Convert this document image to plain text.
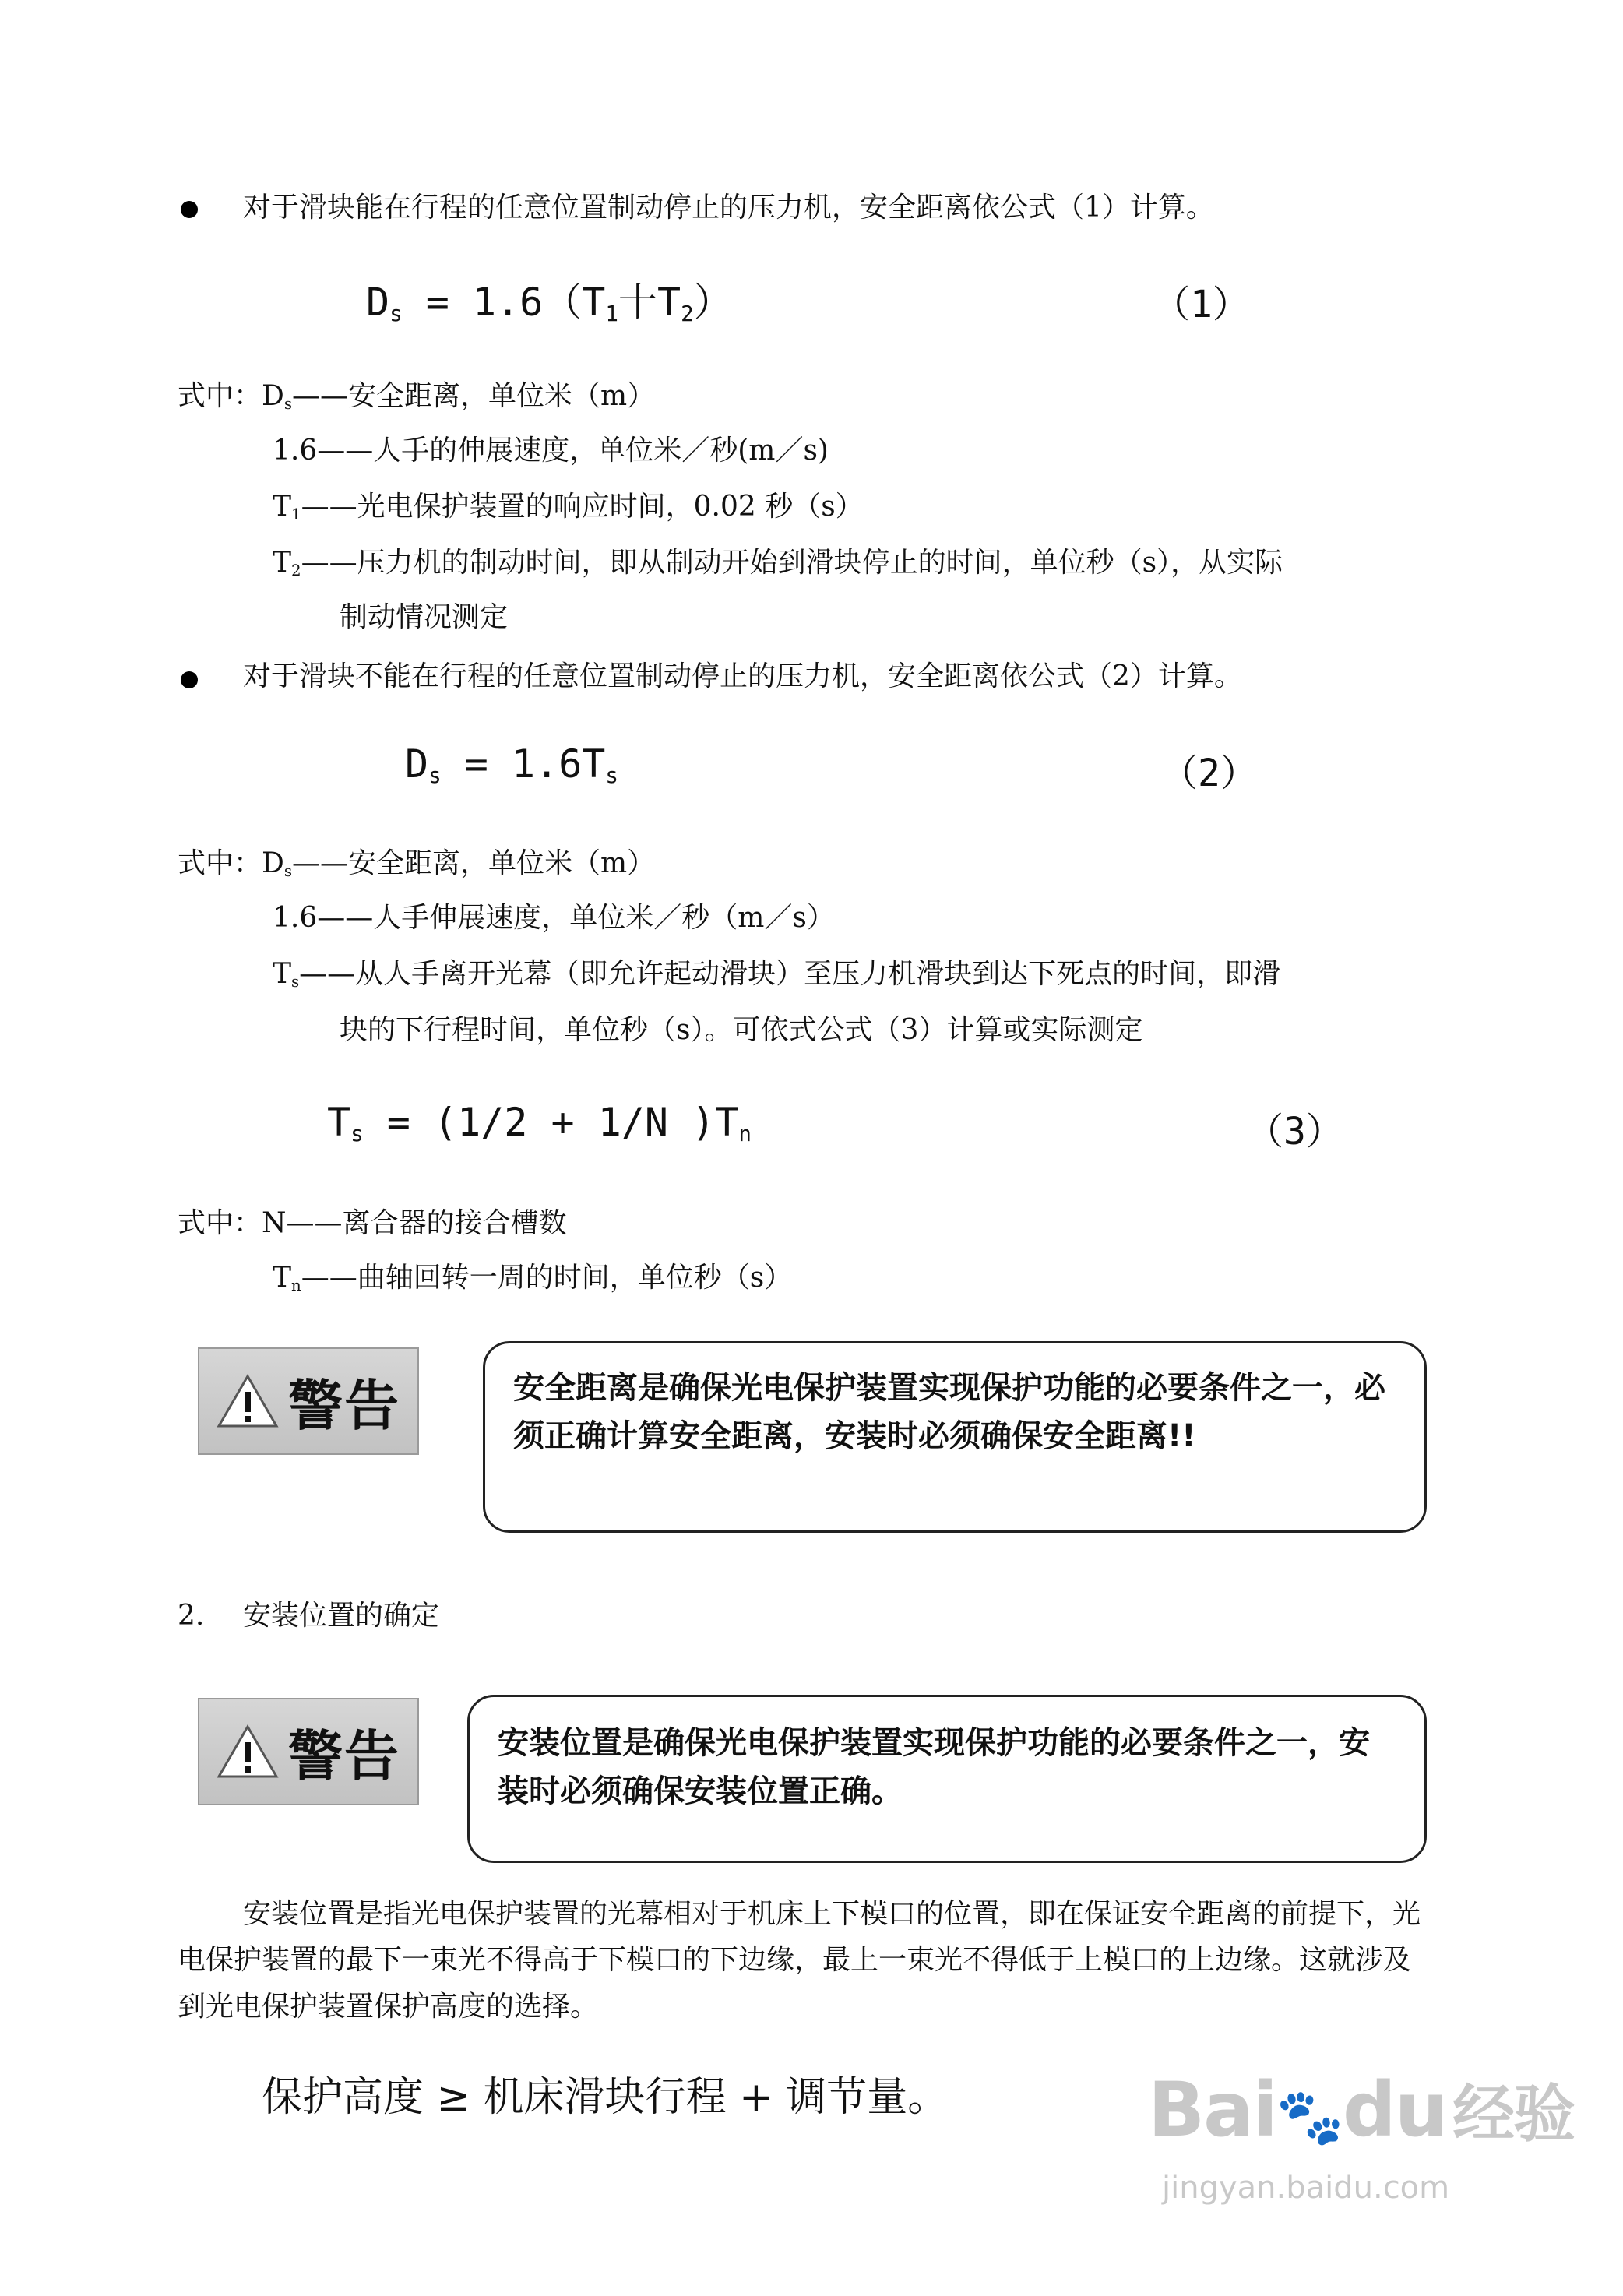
对于滑块能在行程的任意位置制动停止的压力机，安全距离依公式（1）计算。
$D_s = 1.6(T_1$十$T_2$）	（1）
式中：$D_s——$安全距离，单位米（m）
1.6——人手的伸展速度，单位米／秒(m／s)
$T_1——$光电保护装置的响应时间，0.02 秒（s）
$T_2——$压力机的制动时间，即从制动开始到滑块停止的时间，单位秒（s），从实际
制动情况测定
对于滑块不能在行程的任意位置制动停止的压力机，安全距离依公式（2）计算。
$D_s = 1.6T_s$	（2）
式中：$D_s——$安全距离，单位米（m）
1.6——人手伸展速度，单位米／秒（m／s）
$T_s——$从人手离开光幕（即允许起动滑块）至压力机滑块到达下死点的时间，即滑
块的下行程时间，单位秒（s）。可依式公式（3）计算或实际测定
$T_s = (1/2 + 1/N$ )$T_n$	（3）
式中：N——离合器的接合槽数
$T_n——$曲轴回转一周的时间，单位秒（s）
警告	安全距离是确保光电保护装置实现保护功能的必要条件之一，必须正确计算安全距离，安装时必须确保安全距离!!
2. 安装位置的确定
警告	安装位置是确保光电保护装置实现保护功能的必要条件之一，安装时必须确保安装位置正确。
安装位置是指光电保护装置的光幕相对于机床上下模口的位置，即在保证安全距离的前提下，光电保护装置的最下一束光不得高于下模口的下边缘，最上一束光不得低于上模口的上边缘。这就涉及到光电保护装置保护高度的选择。
保护高度 ≥ 机床滑块行程 + 调节量。	Bai🐾du 经验
jingyan.baidu.com
